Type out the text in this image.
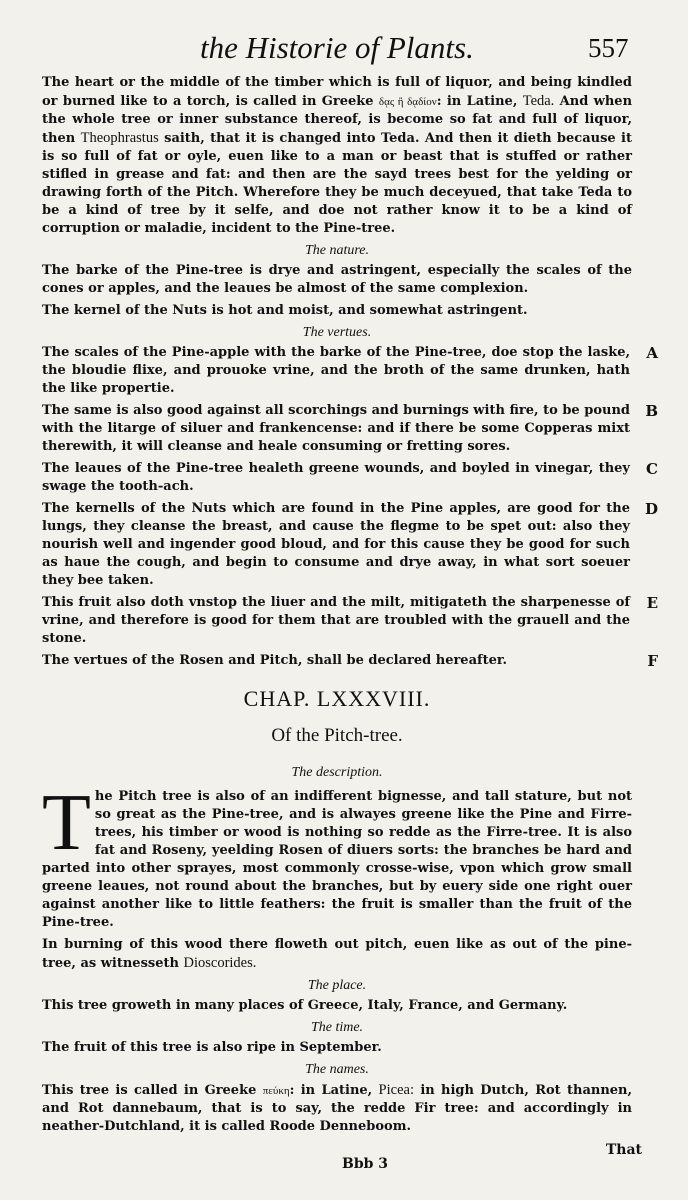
the Historie of Plants.	557

The heart or the middle of the timber which is full of liquor, and being kindled or burned like to a torch, is called in Greeke δᾳς ἢ δᾳδίον: in Latine, Teda. And when the whole tree or inner substance thereof, is become so fat and full of liquor, then Theophrastus saith, that it is changed into Teda. And then it dieth because it is so full of fat or oyle, euen like to a man or beast that is stuffed or rather stifled in grease and fat: and then are the sayd trees best for the yelding or drawing forth of the Pitch. Wherefore they be much deceyued, that take Teda to be a kind of tree by it selfe, and doe not rather know it to be a kind of corruption or maladie, incident to the Pine-tree.

The nature.

The barke of the Pine-tree is drye and astringent, especially the scales of the cones or apples, and the leaues be almost of the same complexion.

The kernel of the Nuts is hot and moist, and somewhat astringent.

The vertues.

The scales of the Pine-apple with the barke of the Pine-tree, doe stop the laske, the bloudie flixe, and prouoke vrine, and the broth of the same drunken, hath the like propertie.
A

The same is also good against all scorchings and burnings with fire, to be pound with the litarge of siluer and frankencense: and if there be some Copperas mixt therewith, it will cleanse and heale consuming or fretting sores.
B

The leaues of the Pine-tree healeth greene wounds, and boyled in vinegar, they swage the tooth-ach.
C

The kernells of the Nuts which are found in the Pine apples, are good for the lungs, they cleanse the breast, and cause the flegme to be spet out: also they nourish well and ingender good bloud, and for this cause they be good for such as haue the cough, and begin to consume and drye away, in what sort soeuer they bee taken.
D

This fruit also doth vnstop the liuer and the milt, mitigateth the sharpenesse of vrine, and therefore is good for them that are troubled with the grauell and the stone.
E

The vertues of the Rosen and Pitch, shall be declared hereafter.	F

CHAP. LXXXVIII.
Of the Pitch-tree.
The description.

The Pitch tree is also of an indifferent bignesse, and tall stature, but not so great as the Pine-tree, and is alwayes greene like the Pine and Firre-trees, his timber or wood is nothing so redde as the Firre-tree. It is also fat and Roseny, yeelding Rosen of diuers sorts: the branches be hard and parted into other sprayes, most commonly crosse-wise, vpon which grow small greene leaues, not round about the branches, but by euery side one right ouer against another like to little feathers: the fruit is smaller than the fruit of the Pine-tree.

In burning of this wood there floweth out pitch, euen like as out of the pine-tree, as witnesseth Dioscorides.

The place.

This tree groweth in many places of Greece, Italy, France, and Germany.

The time.

The fruit of this tree is also ripe in September.

The names.

This tree is called in Greeke πεύκη: in Latine, Picea: in high Dutch, Rot thannen, and Rot dannebaum, that is to say, the redde Fir tree: and accordingly in neather-Dutchland, it is called Roode Denneboom.

Bbb 3
That
